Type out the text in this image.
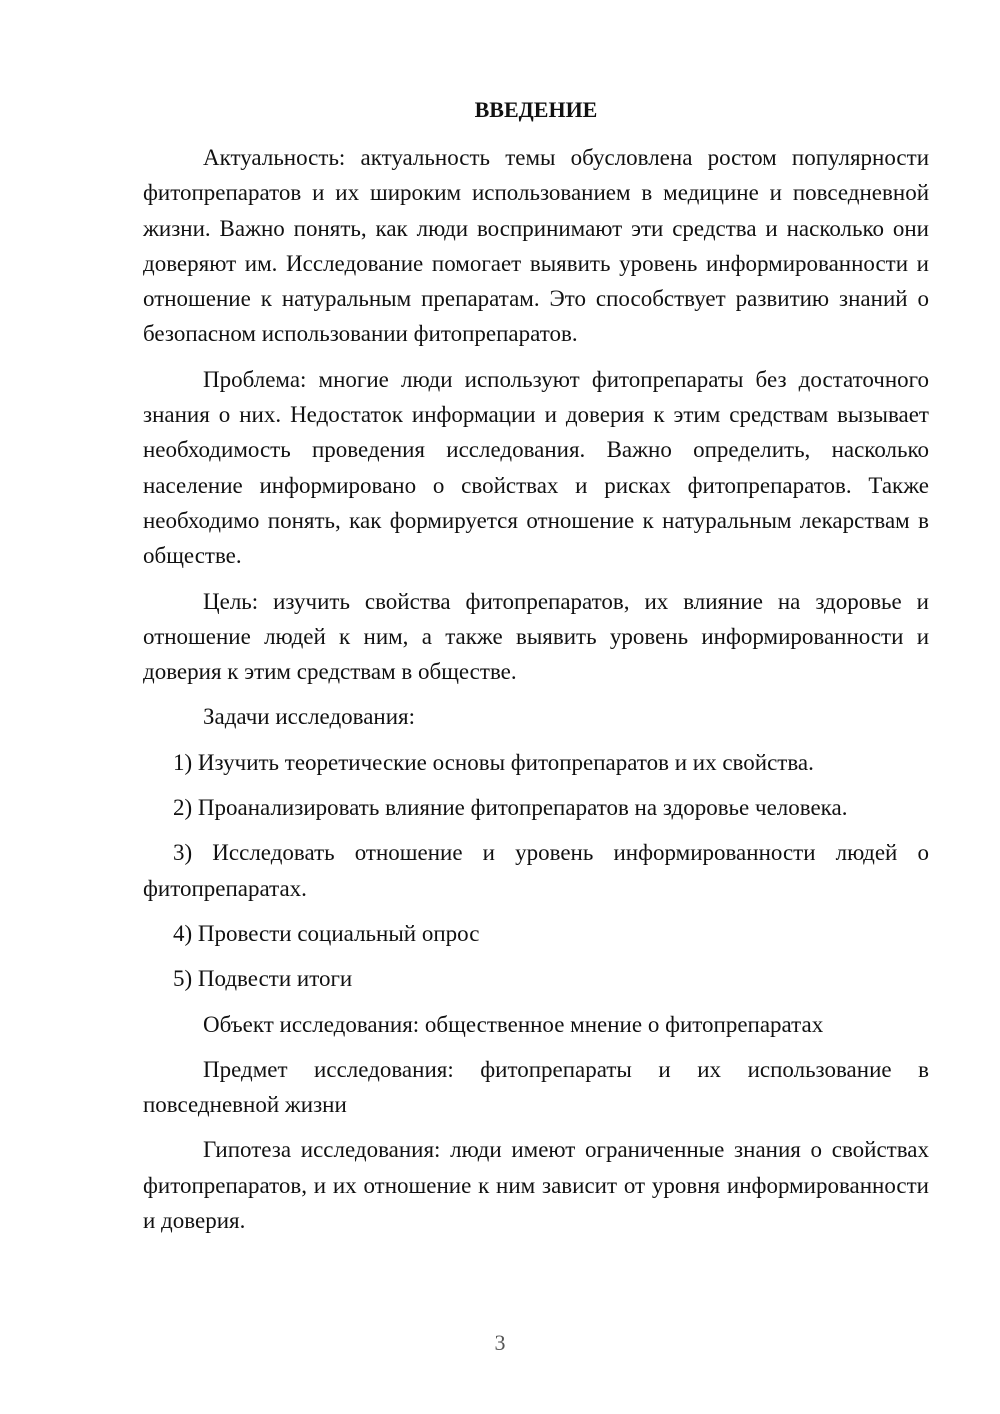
ВВЕДЕНИЕ

Актуальность: актуальность темы обусловлена ростом популярности фитопрепаратов и их широким использованием в медицине и повседневной жизни. Важно понять, как люди воспринимают эти средства и насколько они доверяют им. Исследование помогает выявить уровень информированности и отношение к натуральным препаратам. Это способствует развитию знаний о безопасном использовании фитопрепаратов.

Проблема: многие люди используют фитопрепараты без достаточного знания о них. Недостаток информации и доверия к этим средствам вызывает необходимость проведения исследования. Важно определить, насколько население информировано о свойствах и рисках фитопрепаратов. Также необходимо понять, как формируется отношение к натуральным лекарствам в обществе.

Цель: изучить свойства фитопрепаратов, их влияние на здоровье и отношение людей к ним, а также выявить уровень информированности и доверия к этим средствам в обществе.

Задачи исследования:

1) Изучить теоретические основы фитопрепаратов и их свойства.

2) Проанализировать влияние фитопрепаратов на здоровье человека.

3) Исследовать отношение и уровень информированности людей о фитопрепаратах.

4) Провести социальный опрос

5) Подвести итоги

Объект исследования: общественное мнение о фитопрепаратах

Предмет исследования: фитопрепараты и их использование в повседневной жизни

Гипотеза исследования: люди имеют ограниченные знания о свойствах фитопрепаратов, и их отношение к ним зависит от уровня информированности и доверия.

3
